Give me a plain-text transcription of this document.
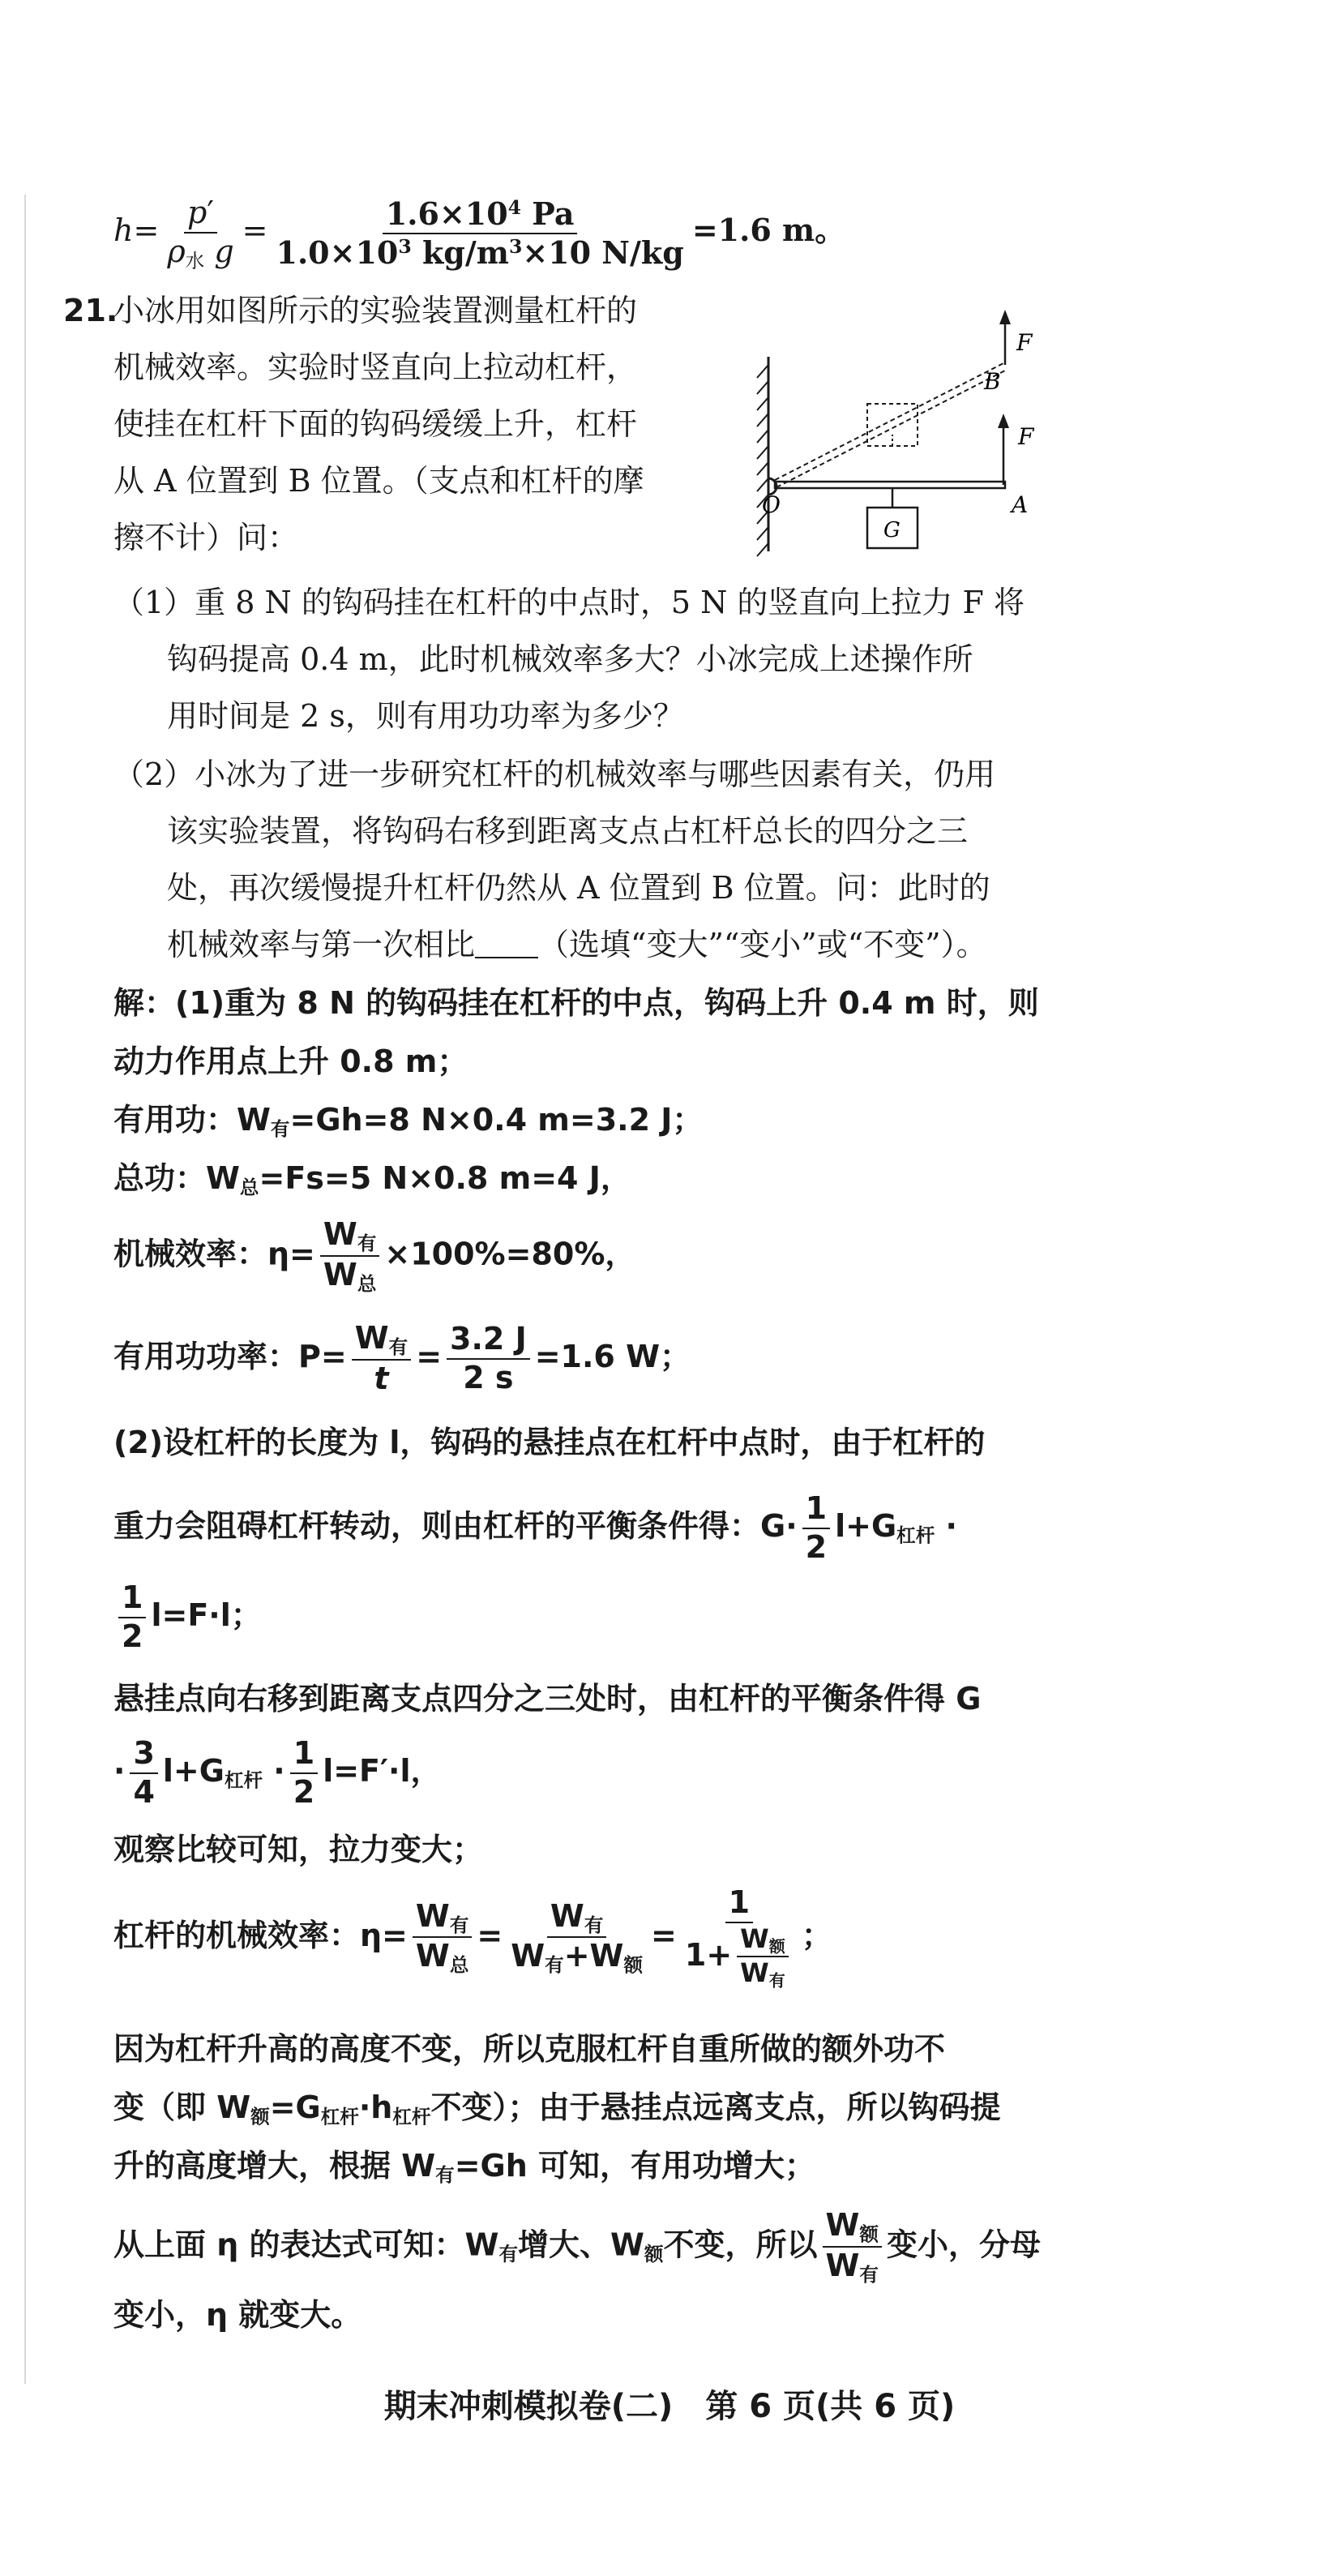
$h= \frac{p'}{\rho_水 g} = \frac{1.6\times 10^4 Pa}{1.0\times 10^3 kg/m^3\times 10 N/kg} =1.6$ m。
21.
小冰用如图所示的实验装置测量杠杆的
机械效率。实验时竖直向上拉动杠杆，
使挂在杠杆下面的钩码缓缓上升，杠杆
从 A 位置到 B 位置。（支点和杠杆的摩
擦不计）问：
O	A
B
F
F
G
（1）重 8 N 的钩码挂在杠杆的中点时，5 N 的竖直向上拉力 F 将
钩码提高 0.4 m，此时机械效率多大？小冰完成上述操作所
用时间是 2 s，则有用功功率为多少？
（2）小冰为了进一步研究杠杆的机械效率与哪些因素有关，仍用
该实验装置，将钩码右移到距离支点占杠杆总长的四分之三
处，再次缓慢提升杠杆仍然从 A 位置到 B 位置。问：此时的
机械效率与第一次相比 （选填“变大”“变小”或“不变”）。
解：(1)重为 8 N 的钩码挂在杠杆的中点，钩码上升 0.4 m 时，则
动力作用点上升 0.8 m；
有用功：$W_有=Gh=8$ N×0.4 m=3.2 J；
总功：$W_总=Fs=5$ N×0.8 m=4 J，
机械效率：$\eta= \frac{W_有}{W_总} \times 100\%=80\%$，
有用功功率：$P= \frac{W_有}{t} = \frac{3.2 J}{2 s} =1.6$ W；
(2)设杠杆的长度为 l，钩码的悬挂点在杠杆中点时，由于杠杆的
重力会阻碍杠杆转动，则由杠杆的平衡条件得：$G\cdot \frac{1}{2} l+G_{杠杆}$ ·
$\frac{1}{2} l=F\cdot l$；
悬挂点向右移到距离支点四分之三处时，由杠杆的平衡条件得 G
· $\frac{3}{4} l+G_{杠杆} \cdot \frac{1}{2} l=F'\cdot l$，
观察比较可知，拉力变大；
杠杆的机械效率：$\eta= \frac{W_有}{W_总} = \frac{W_有}{W_有+W_额} = \frac{1}{1+ \frac{W_额}{W_有}}$ ；
因为杠杆升高的高度不变，所以克服杠杆自重所做的额外功不
变（即 $W_额=G_{杠杆}\cdot h_{杠杆}$不变）；由于悬挂点远离支点，所以钩码提
升的高度增大，根据 $W_有=Gh$ 可知，有用功增大；
从上面 η 的表达式可知：$W_有$增大、$W_额$不变，所以 $\frac{W_额}{W_有}$ 变小，分母
变小，η 就变大。
期末冲刺模拟卷(二)　第 6 页(共 6 页)
